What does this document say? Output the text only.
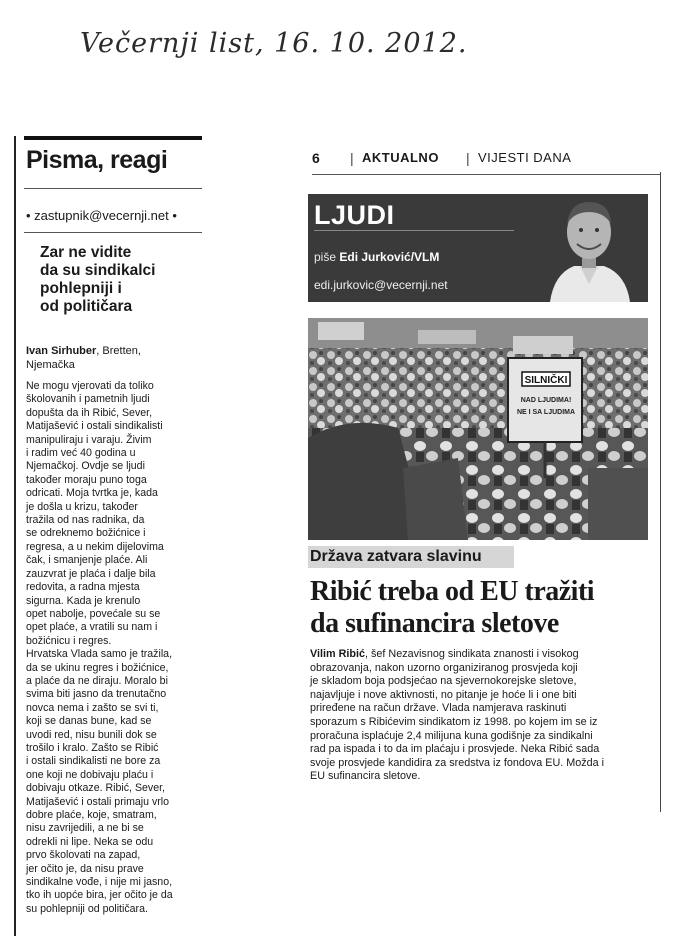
Večernji list, 16. 10. 2012.
Pisma, reagi
• zastupnik@vecernji.net •
Zar ne vidite
da su sindikalci
pohlepniji i
od političara
Ivan Sirhuber, Bretten,
Njemačka
Ne mogu vjerovati da toliko
školovanih i pametnih ljudi
dopušta da ih Ribić, Sever,
Matijašević i ostali sindikalisti
manipuliraju i varaju. Živim
i radim već 40 godina u
Njemačkoj. Ovdje se ljudi
također moraju puno toga
odricati. Moja tvrtka je, kada
je došla u krizu, također
tražila od nas radnika, da
se odreknemo božićnice i
regresa, a u nekim dijelovima
čak, i smanjenje plaće. Ali
zauzvrat je plaća i dalje bila
redovita, a radna mjesta
sigurna. Kada je krenulo
opet nabolje, povećale su se
opet plaće, a vratili su nam i
božićnicu i regres.
Hrvatska Vlada samo je tražila,
da se ukinu regres i božićnice,
a plaće da ne diraju. Moralo bi
svima biti jasno da trenutačno
novca nema i zašto se svi ti,
koji se danas bune, kad se
uvodi red, nisu bunili dok se
trošilo i kralo. Zašto se Ribić
i ostali sindikalisti ne bore za
one koji ne dobivaju plaću i
dobivaju otkaze. Ribić, Sever,
Matijašević i ostali primaju vrlo
dobre plaće, koje, smatram,
nisu zavrijedili, a ne bi se
odrekli ni lipe. Neka se odu
prvo školovati na zapad,
jer očito je, da nisu prave
sindikalne vođe, i nije mi jasno,
tko ih uopće bira, jer očito je da
su pohlepniji od političara.
6 | AKTUALNO | VIJESTI DANA
LJUDI
piše Edi Jurković/VLM
edi.jurkovic@vecernji.net
SILNIČKI
NAD LJUDIMA!
NE I SA LJUDIMA
Država zatvara slavinu
Ribić treba od EU tražiti
da sufinancira sletove
Vilim Ribić, šef Nezavisnog sindikata znanosti i visokog
obrazovanja, nakon uzorno organiziranog prosvjeda koji
je skladom boja podsjećao na sjevernokorejske sletove,
najavljuje i nove aktivnosti, no pitanje je hoće li i one biti
priređene na račun države. Vlada namjerava raskinuti
sporazum s Ribićevim sindikatom iz 1998. po kojem im se iz
proračuna isplaćuje 2,4 milijuna kuna godišnje za sindikalni
rad pa ispada i to da im plaćaju i prosvjede. Neka Ribić sada
svoje prosvjede kandidira za sredstva iz fondova EU. Možda i
EU sufinancira sletove.
